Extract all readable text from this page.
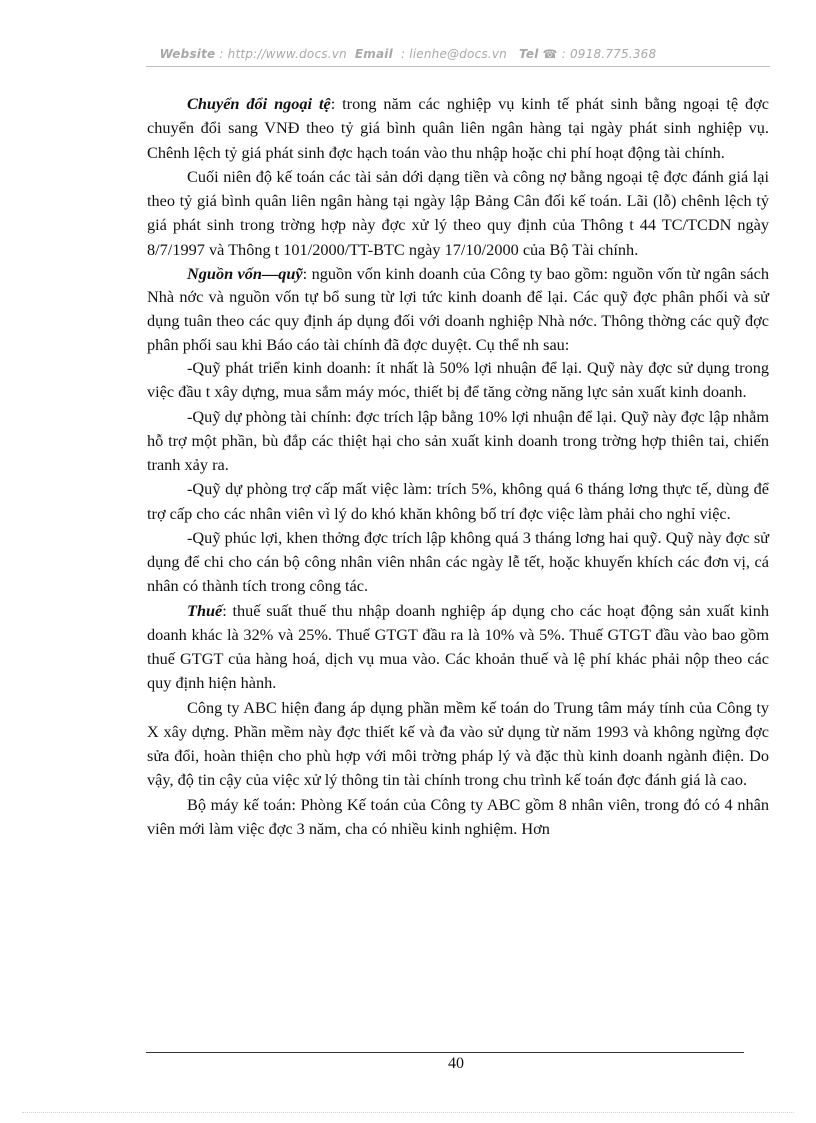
Website : http://www.docs.vn Email : lienhe@docs.vn Tel ☎ : 0918.775.368

Chuyển đổi ngoại tệ: trong năm các nghiệp vụ kinh tế phát sinh bằng ngoại tệ đợc chuyển đổi sang VNĐ theo tỷ giá bình quân liên ngân hàng tại ngày phát sinh nghiệp vụ. Chênh lệch tỷ giá phát sinh đợc hạch toán vào thu nhập hoặc chi phí hoạt động tài chính.

Cuối niên độ kế toán các tài sản dới dạng tiền và công nợ bằng ngoại tệ đợc đánh giá lại theo tỷ giá bình quân liên ngân hàng tại ngày lập Bảng Cân đối kế toán. Lãi (lỗ) chênh lệch tỷ giá phát sinh trong trờng hợp này đợc xử lý theo quy định của Thông t 44 TC/TCDN ngày 8/7/1997 và Thông t 101/2000/TT-BTC ngày 17/10/2000 của Bộ Tài chính.

Nguồn vốn—quỹ: nguồn vốn kinh doanh của Công ty bao gồm: nguồn vốn từ ngân sách Nhà nớc và nguồn vốn tự bổ sung từ lợi tức kinh doanh để lại. Các quỹ đợc phân phối và sử dụng tuân theo các quy định áp dụng đối với doanh nghiệp Nhà nớc. Thông thờng các quỹ đợc phân phối sau khi Báo cáo tài chính đã đợc duyệt. Cụ thể nh sau:

-Quỹ phát triển kinh doanh: ít nhất là 50% lợi nhuận để lại. Quỹ này đợc sử dụng trong việc đầu t xây dựng, mua sắm máy móc, thiết bị để tăng cờng năng lực sản xuất kinh doanh.

-Quỹ dự phòng tài chính: đợc trích lập bằng 10% lợi nhuận để lại. Quỹ này đợc lập nhằm hỗ trợ một phần, bù đắp các thiệt hại cho sản xuất kinh doanh trong trờng hợp thiên tai, chiến tranh xảy ra.

-Quỹ dự phòng trợ cấp mất việc làm: trích 5%, không quá 6 tháng lơng thực tế, dùng để trợ cấp cho các nhân viên vì lý do khó khăn không bố trí đợc việc làm phải cho nghỉ việc.

-Quỹ phúc lợi, khen thởng đợc trích lập không quá 3 tháng lơng hai quỹ. Quỹ này đợc sử dụng để chi cho cán bộ công nhân viên nhân các ngày lễ tết, hoặc khuyến khích các đơn vị, cá nhân có thành tích trong công tác.

Thuế: thuế suất thuế thu nhập doanh nghiệp áp dụng cho các hoạt động sản xuất kinh doanh khác là 32% và 25%. Thuế GTGT đầu ra là 10% và 5%. Thuế GTGT đầu vào bao gồm thuế GTGT của hàng hoá, dịch vụ mua vào. Các khoản thuế và lệ phí khác phải nộp theo các quy định hiện hành.

Công ty ABC hiện đang áp dụng phần mềm kế toán do Trung tâm máy tính của Công ty X xây dựng. Phần mềm này đợc thiết kế và đa vào sử dụng từ năm 1993 và không ngừng đợc sửa đổi, hoàn thiện cho phù hợp với môi trờng pháp lý và đặc thù kinh doanh ngành điện. Do vậy, độ tin cậy của việc xử lý thông tin tài chính trong chu trình kế toán đợc đánh giá là cao.

Bộ máy kế toán: Phòng Kế toán của Công ty ABC gồm 8 nhân viên, trong đó có 4 nhân viên mới làm việc đợc 3 năm, cha có nhiều kinh nghiệm. Hơn

40
